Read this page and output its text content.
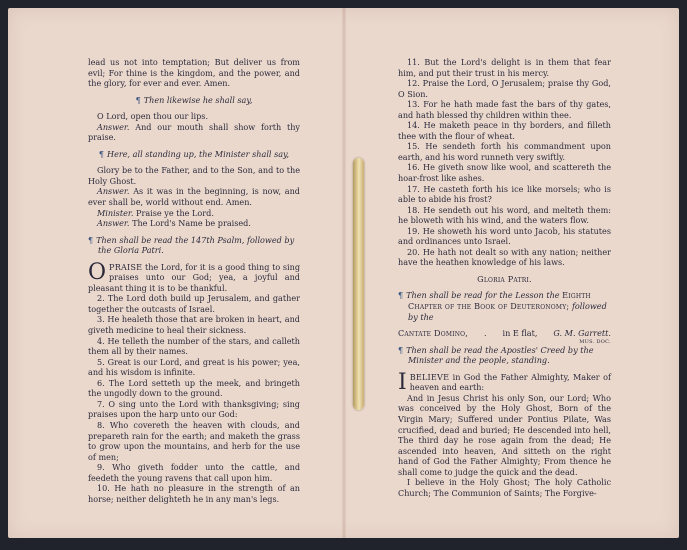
lead us not into temptation; But deliver us from evil; For thine is the kingdom, and the power, and the glory, for ever and ever. Amen.

¶ Then likewise he shall say,

O Lord, open thou our lips.

Answer. And our mouth shall show forth thy praise.

¶ Here, all standing up, the Minister shall say,

Glory be to the Father, and to the Son, and to the Holy Ghost.

Answer. As it was in the beginning, is now, and ever shall be, world without end. Amen.

Minister. Praise ye the Lord.

Answer. The Lord's Name be praised.

¶ Then shall be read the 147th Psalm, followed by the Gloria Patri.

OPRAISE the Lord, for it is a good thing to sing praises unto our God; yea, a joyful and pleasant thing it is to be thankful.

2. The Lord doth build up Jerusalem, and gather together the outcasts of Israel.

3. He healeth those that are broken in heart, and giveth medicine to heal their sickness.

4. He telleth the number of the stars, and calleth them all by their names.

5. Great is our Lord, and great is his power; yea, and his wisdom is infinite.

6. The Lord setteth up the meek, and bringeth the ungodly down to the ground.

7. O sing unto the Lord with thanksgiving; sing praises upon the harp unto our God:

8. Who covereth the heaven with clouds, and prepareth rain for the earth; and maketh the grass to grow upon the mountains, and herb for the use of men;

9. Who giveth fodder unto the cattle, and feedeth the young ravens that call upon him.

10. He hath no pleasure in the strength of an horse; neither delighteth he in any man's legs.

11. But the Lord's delight is in them that fear him, and put their trust in his mercy.

12. Praise the Lord, O Jerusalem; praise thy God, O Sion.

13. For he hath made fast the bars of thy gates, and hath blessed thy children within thee.

14. He maketh peace in thy borders, and filleth thee with the flour of wheat.

15. He sendeth forth his commandment upon earth, and his word runneth very swiftly.

16. He giveth snow like wool, and scattereth the hoar-frost like ashes.

17. He casteth forth his ice like morsels; who is able to abide his frost?

18. He sendeth out his word, and melteth them: he bloweth with his wind, and the waters flow.

19. He showeth his word unto Jacob, his statutes and ordinances unto Israel.

20. He hath not dealt so with any nation; neither have the heathen knowledge of his laws.

Gloria Patri.

¶ Then shall be read for the Lesson the Eighth Chapter of the Book of Deuteronomy; followed by the

Cantate Domino, . in E flat, G. M. Garrett.
MUS. DOC.

¶ Then shall be read the Apostles' Creed by the Minister and the people, standing.

IBELIEVE in God the Father Almighty, Maker of heaven and earth:

And in Jesus Christ his only Son, our Lord; Who was conceived by the Holy Ghost, Born of the Virgin Mary; Suffered under Pontius Pilate, Was crucified, dead and buried; He descended into hell, The third day he rose again from the dead; He ascended into heaven, And sitteth on the right hand of God the Father Almighty; From thence he shall come to judge the quick and the dead.

I believe in the Holy Ghost; The holy Catholic Church; The Communion of Saints; The Forgive-
